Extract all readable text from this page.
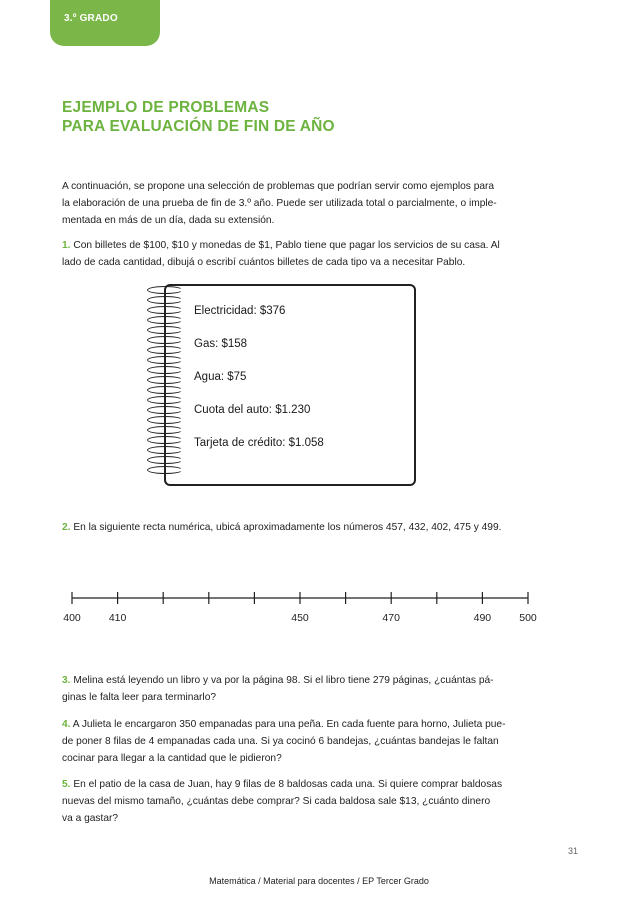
3.º GRADO
EJEMPLO DE PROBLEMAS
PARA EVALUACIÓN DE FIN DE AÑO
A continuación, se propone una selección de problemas que podrían servir como ejemplos para
la elaboración de una prueba de fin de 3.º año. Puede ser utilizada total o parcialmente, o imple-
mentada en más de un día, dada su extensión.
1. Con billetes de $100, $10 y monedas de $1, Pablo tiene que pagar los servicios de su casa. Al
lado de cada cantidad, dibujá o escribí cuántos billetes de cada tipo va a necesitar Pablo.
Electricidad: $376
Gas: $158
Agua: $75
Cuota del auto: $1.230
Tarjeta de crédito: $1.058
2. En la siguiente recta numérica, ubicá aproximadamente los números 457, 432, 402, 475 y 499.
400	410	450	470	490	500
3. Melina está leyendo un libro y va por la página 98. Si el libro tiene 279 páginas, ¿cuántas pá-
ginas le falta leer para terminarlo?
4. A Julieta le encargaron 350 empanadas para una peña. En cada fuente para horno, Julieta pue-
de poner 8 filas de 4 empanadas cada una. Si ya cocinó 6 bandejas, ¿cuántas bandejas le faltan
cocinar para llegar a la cantidad que le pidieron?
5. En el patio de la casa de Juan, hay 9 filas de 8 baldosas cada una. Si quiere comprar baldosas
nuevas del mismo tamaño, ¿cuántas debe comprar? Si cada baldosa sale $13, ¿cuánto dinero
va a gastar?
31
Matemática / Material para docentes / EP Tercer Grado
